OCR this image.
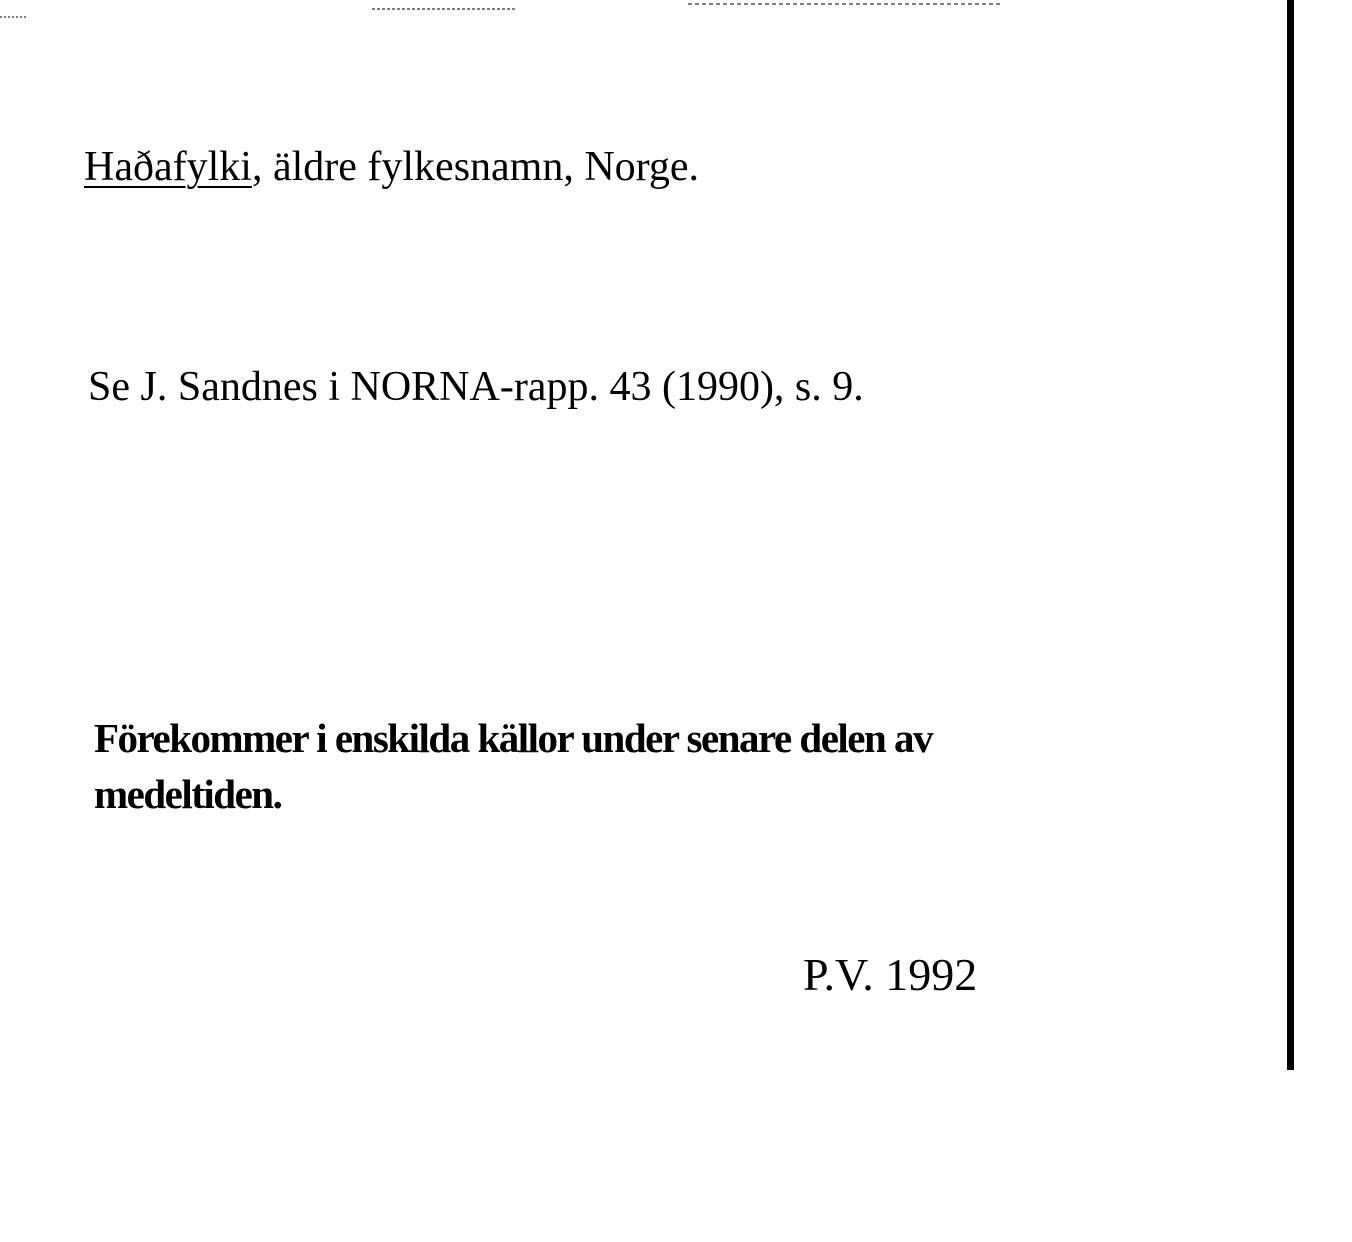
Haðafylki, äldre fylkesnamn, Norge.
Se J. Sandnes i NORNA-rapp. 43 (1990), s. 9.
Förekommer i enskilda källor under senare delen av
medeltiden.
P.V. 1992
